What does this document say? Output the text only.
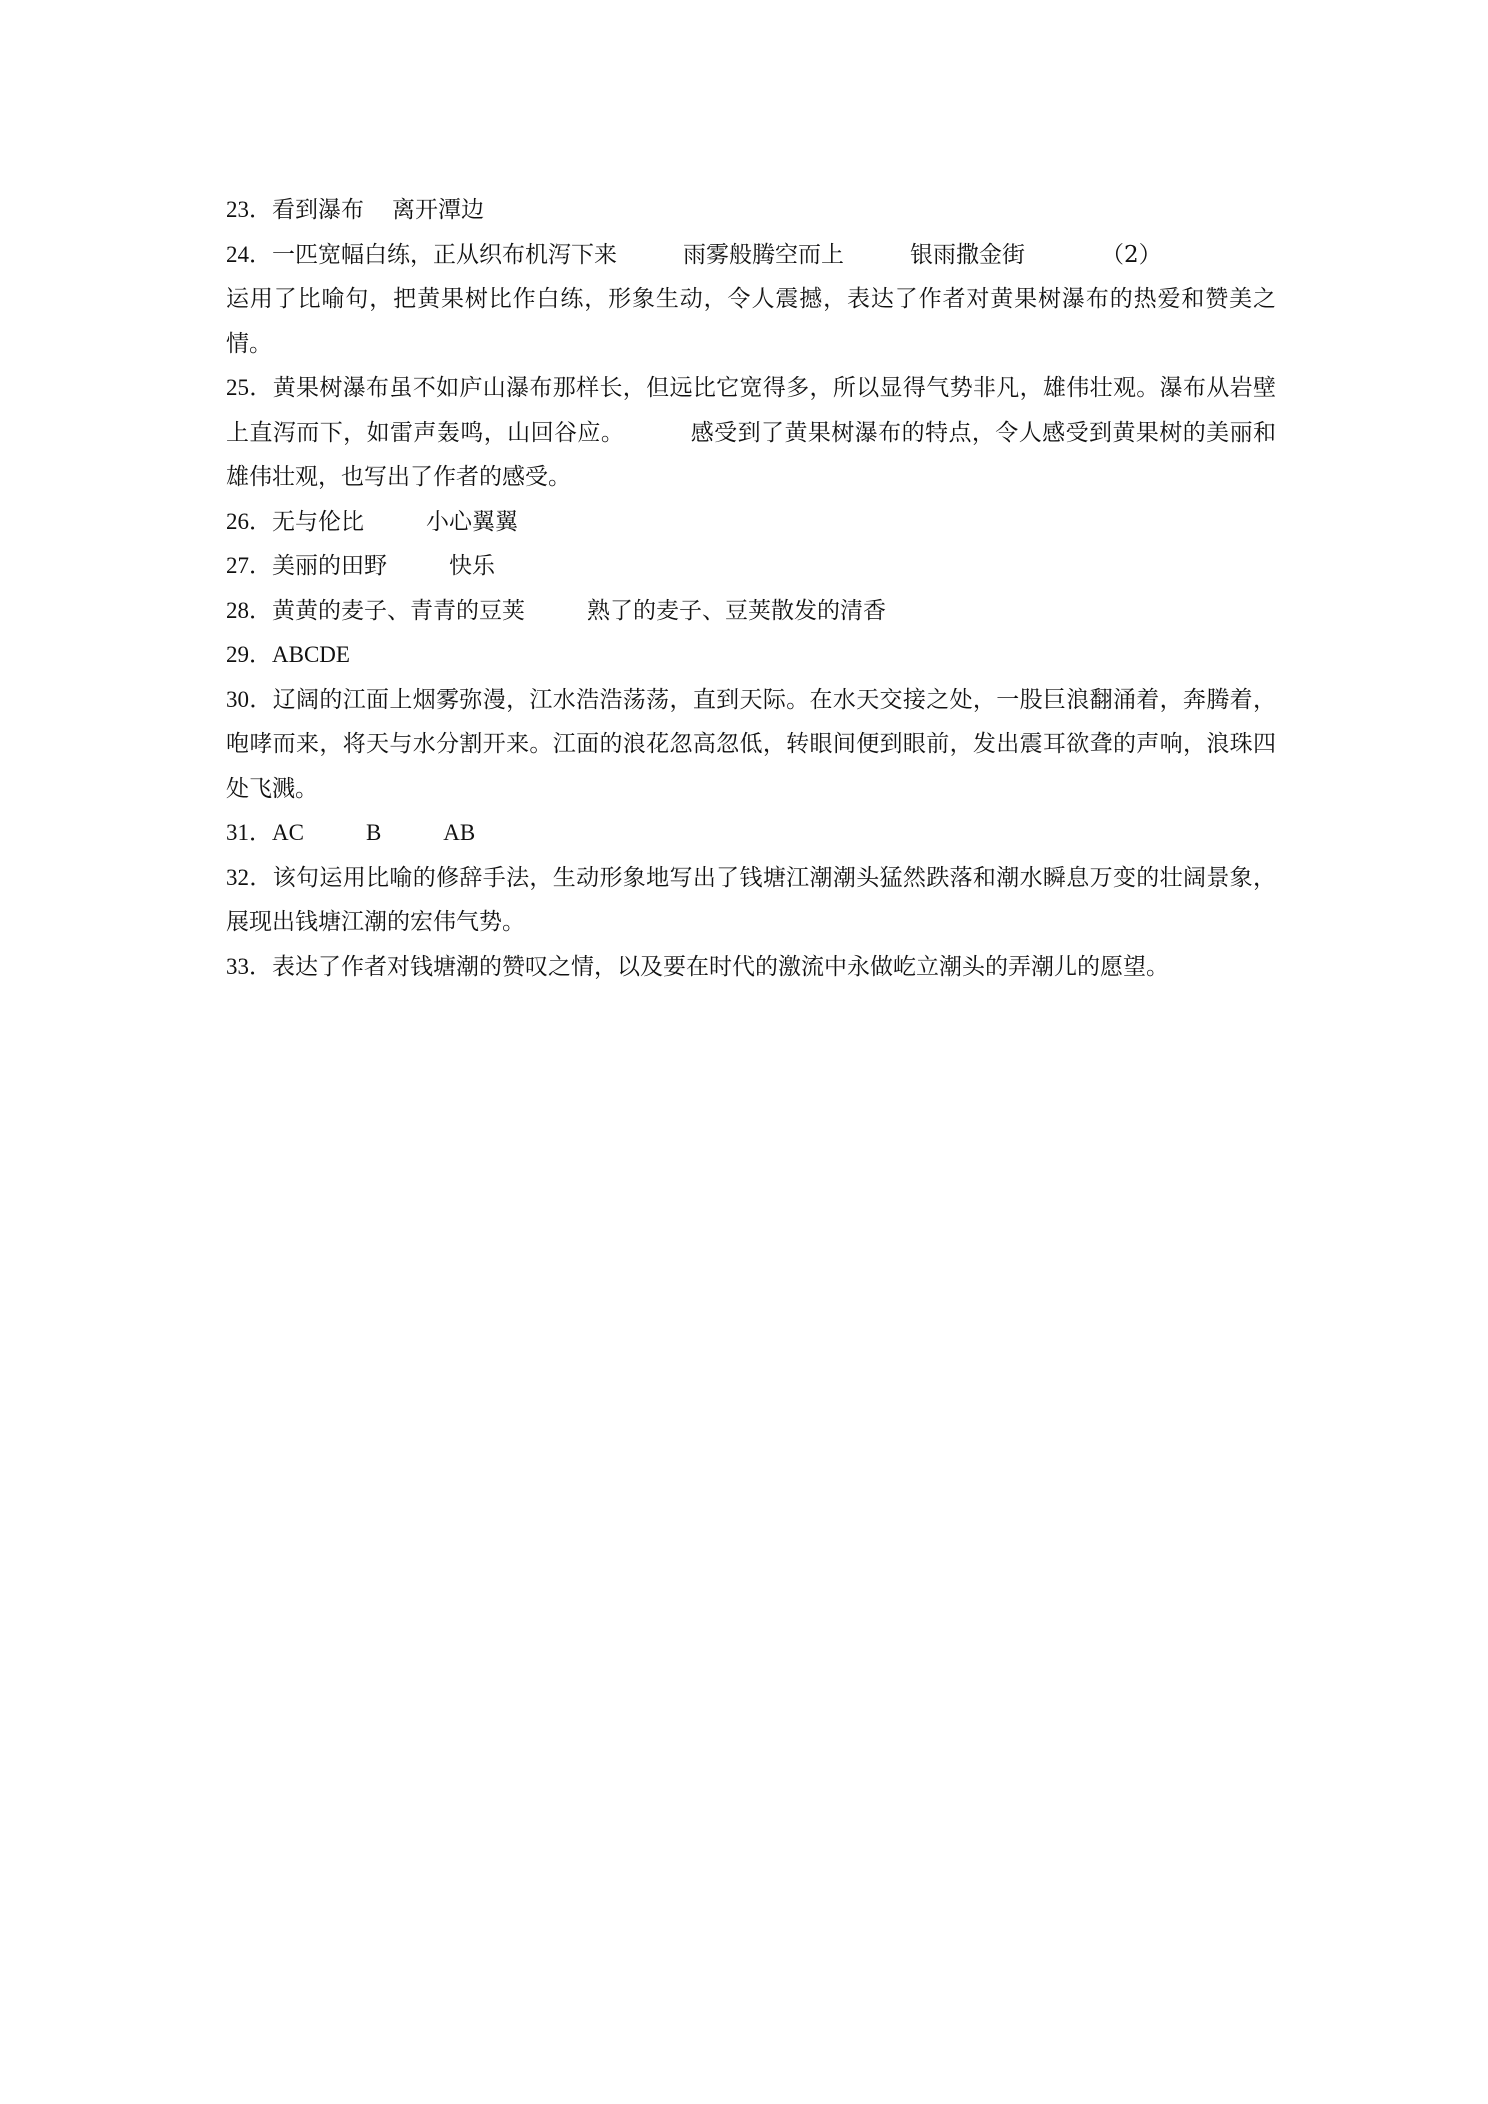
23．看到瀑布 离开潭边

24．一匹宽幅白练，正从织布机泻下来	雨雾般腾空而上	银雨撒金街	（2）
运用了比喻句，把黄果树比作白练，形象生动，令人震撼，表达了作者对黄果树瀑布的热爱和赞美之情。

25．黄果树瀑布虽不如庐山瀑布那样长，但远比它宽得多，所以显得气势非凡，雄伟壮观。瀑布从岩壁上直泻而下，如雷声轰鸣，山回谷应。	感受到了黄果树瀑布的特点，令人感受到黄果树的美丽和雄伟壮观，也写出了作者的感受。

26．无与伦比	小心翼翼

27．美丽的田野	快乐

28．黄黄的麦子、青青的豆荚	熟了的麦子、豆荚散发的清香

29．ABCDE

30．辽阔的江面上烟雾弥漫，江水浩浩荡荡，直到天际。在水天交接之处，一股巨浪翻涌着，奔腾着，咆哮而来，将天与水分割开来。江面的浪花忽高忽低，转眼间便到眼前，发出震耳欲聋的声响，浪珠四处飞溅。

31．AC	B	AB

32．该句运用比喻的修辞手法，生动形象地写出了钱塘江潮潮头猛然跌落和潮水瞬息万变的壮阔景象，展现出钱塘江潮的宏伟气势。

33．表达了作者对钱塘潮的赞叹之情，以及要在时代的激流中永做屹立潮头的弄潮儿的愿望。
